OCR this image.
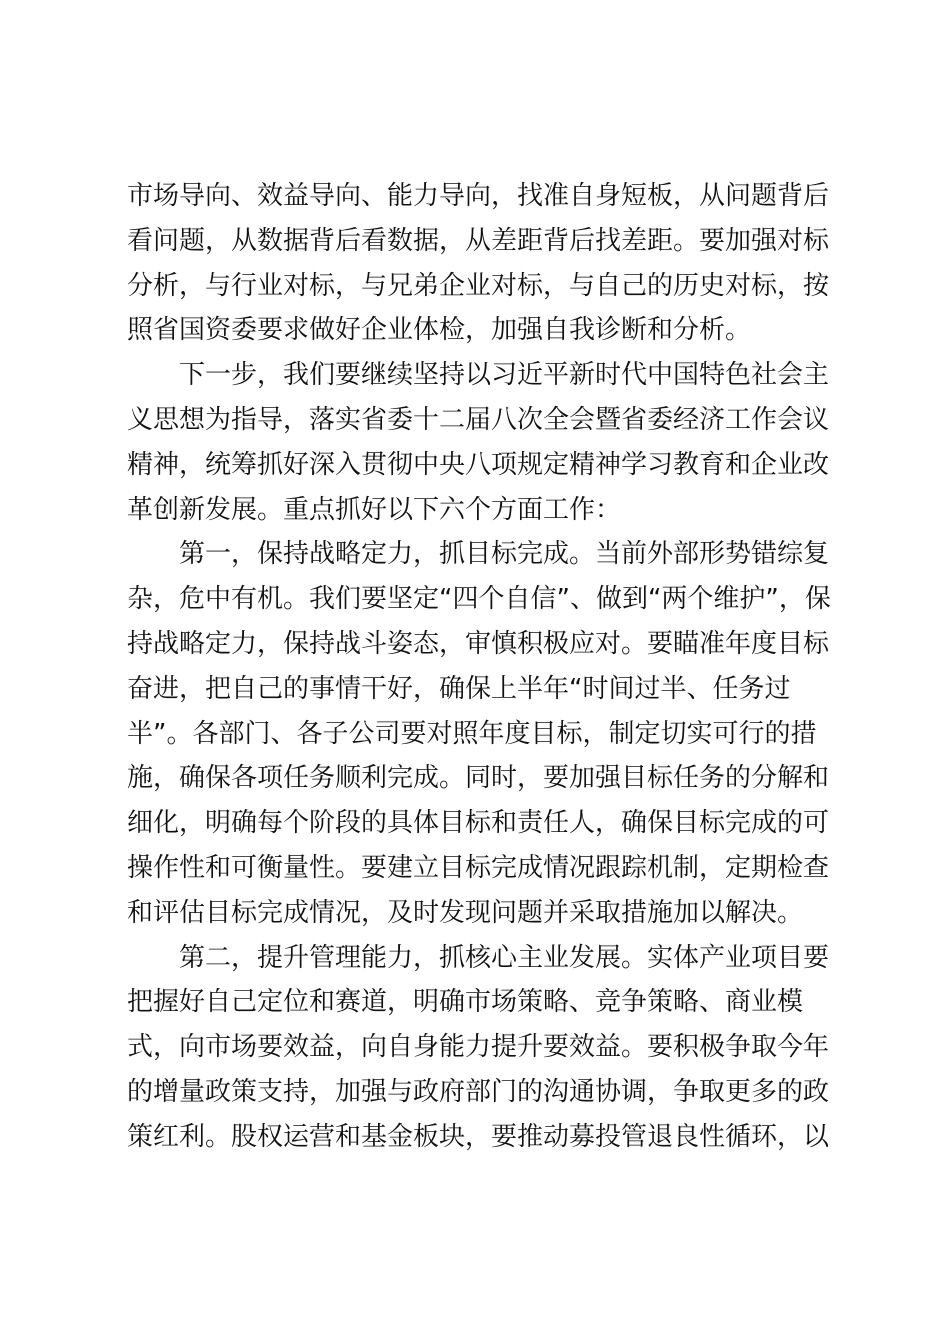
市场导向、效益导向、能力导向，找准自身短板，从问题背后
看问题，从数据背后看数据，从差距背后找差距。要加强对标
分析，与行业对标，与兄弟企业对标，与自己的历史对标，按
照省国资委要求做好企业体检，加强自我诊断和分析。
下一步，我们要继续坚持以习近平新时代中国特色社会主
义思想为指导，落实省委十二届八次全会暨省委经济工作会议
精神，统筹抓好深入贯彻中央八项规定精神学习教育和企业改
革创新发展。重点抓好以下六个方面工作：
第一，保持战略定力，抓目标完成。当前外部形势错综复
杂，危中有机。我们要坚定“四个自信”、做到“两个维护”，保
持战略定力，保持战斗姿态，审慎积极应对。要瞄准年度目标
奋进，把自己的事情干好，确保上半年“时间过半、任务过
半”。各部门、各子公司要对照年度目标，制定切实可行的措
施，确保各项任务顺利完成。同时，要加强目标任务的分解和
细化，明确每个阶段的具体目标和责任人，确保目标完成的可
操作性和可衡量性。要建立目标完成情况跟踪机制，定期检查
和评估目标完成情况，及时发现问题并采取措施加以解决。
第二，提升管理能力，抓核心主业发展。实体产业项目要
把握好自己定位和赛道，明确市场策略、竞争策略、商业模
式，向市场要效益，向自身能力提升要效益。要积极争取今年
的增量政策支持，加强与政府部门的沟通协调，争取更多的政
策红利。股权运营和基金板块，要推动募投管退良性循环，以
